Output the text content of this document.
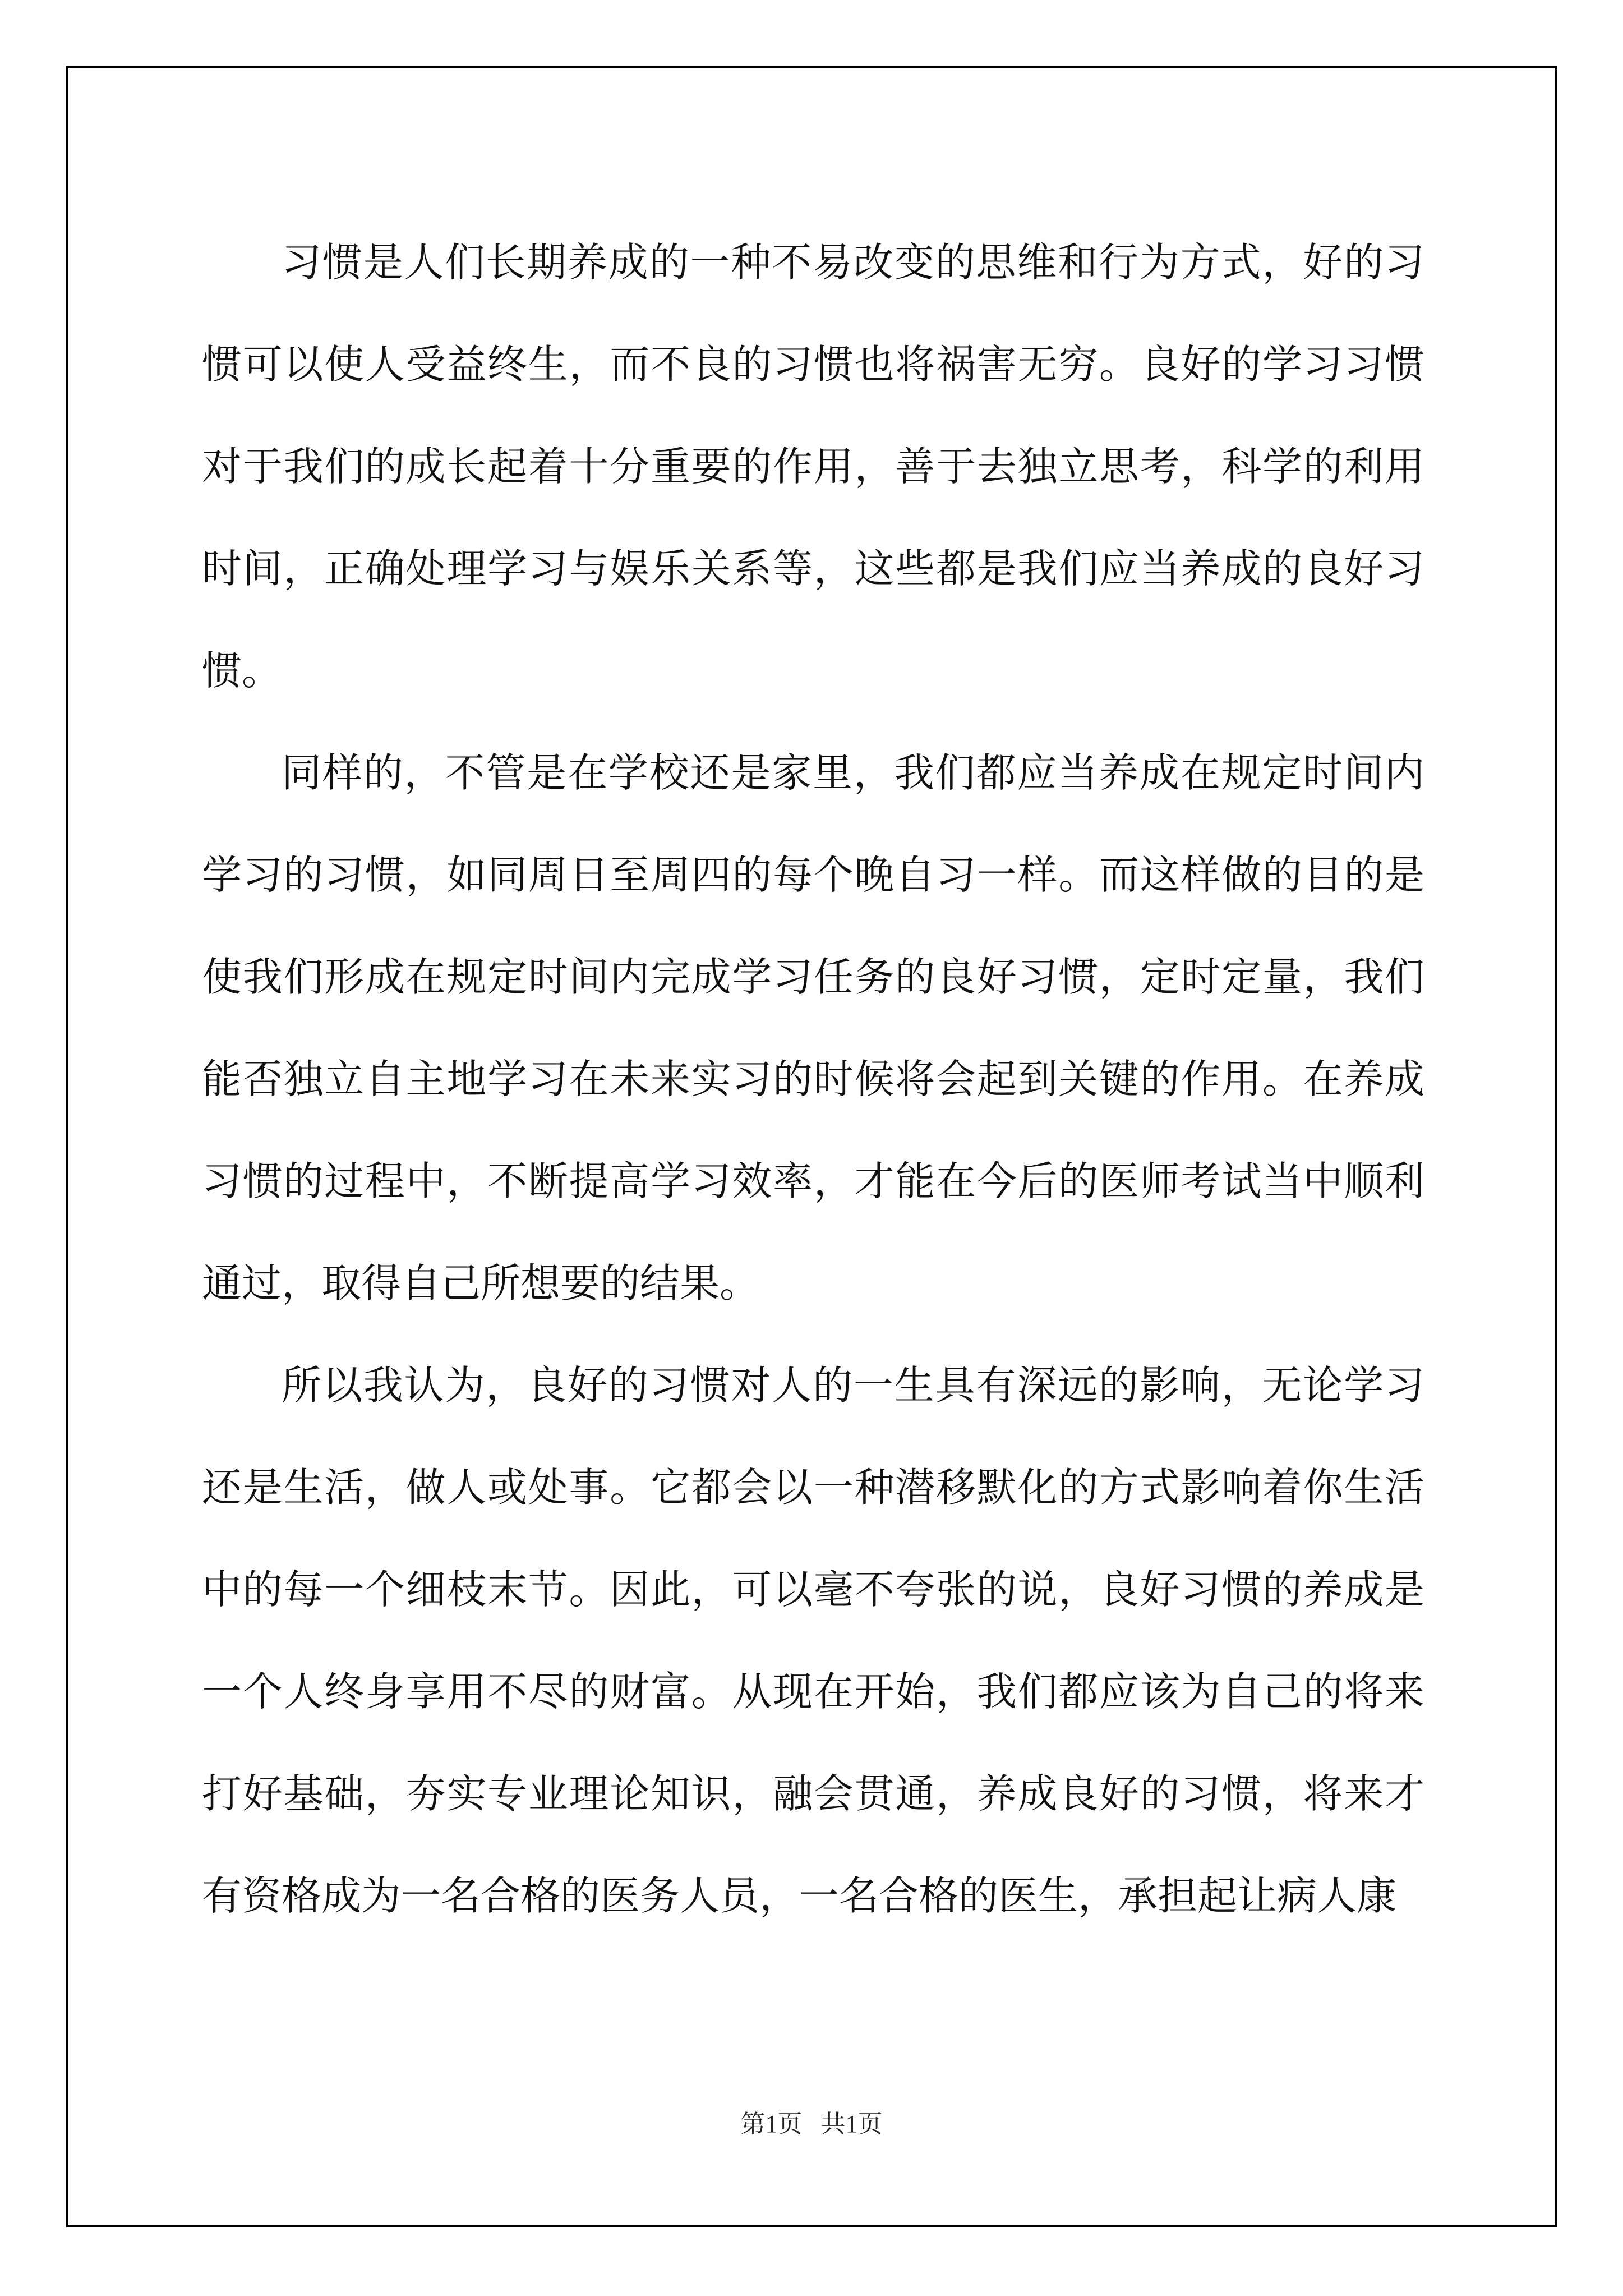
习惯是人们长期养成的一种不易改变的思维和行为方式，好的习惯可以使人受益终生，而不良的习惯也将祸害无穷。良好的学习习惯对于我们的成长起着十分重要的作用，善于去独立思考，科学的利用时间，正确处理学习与娱乐关系等，这些都是我们应当养成的良好习惯。

同样的，不管是在学校还是家里，我们都应当养成在规定时间内学习的习惯，如同周日至周四的每个晚自习一样。而这样做的目的是使我们形成在规定时间内完成学习任务的良好习惯，定时定量，我们能否独立自主地学习在未来实习的时候将会起到关键的作用。在养成习惯的过程中，不断提高学习效率，才能在今后的医师考试当中顺利通过，取得自己所想要的结果。

所以我认为，良好的习惯对人的一生具有深远的影响，无论学习还是生活，做人或处事。它都会以一种潜移默化的方式影响着你生活中的每一个细枝末节。因此，可以毫不夸张的说，良好习惯的养成是一个人终身享用不尽的财富。从现在开始，我们都应该为自己的将来打好基础，夯实专业理论知识，融会贯通，养成良好的习惯，将来才有资格成为一名合格的医务人员，一名合格的医生，承担起让病人康

第1页 共1页
